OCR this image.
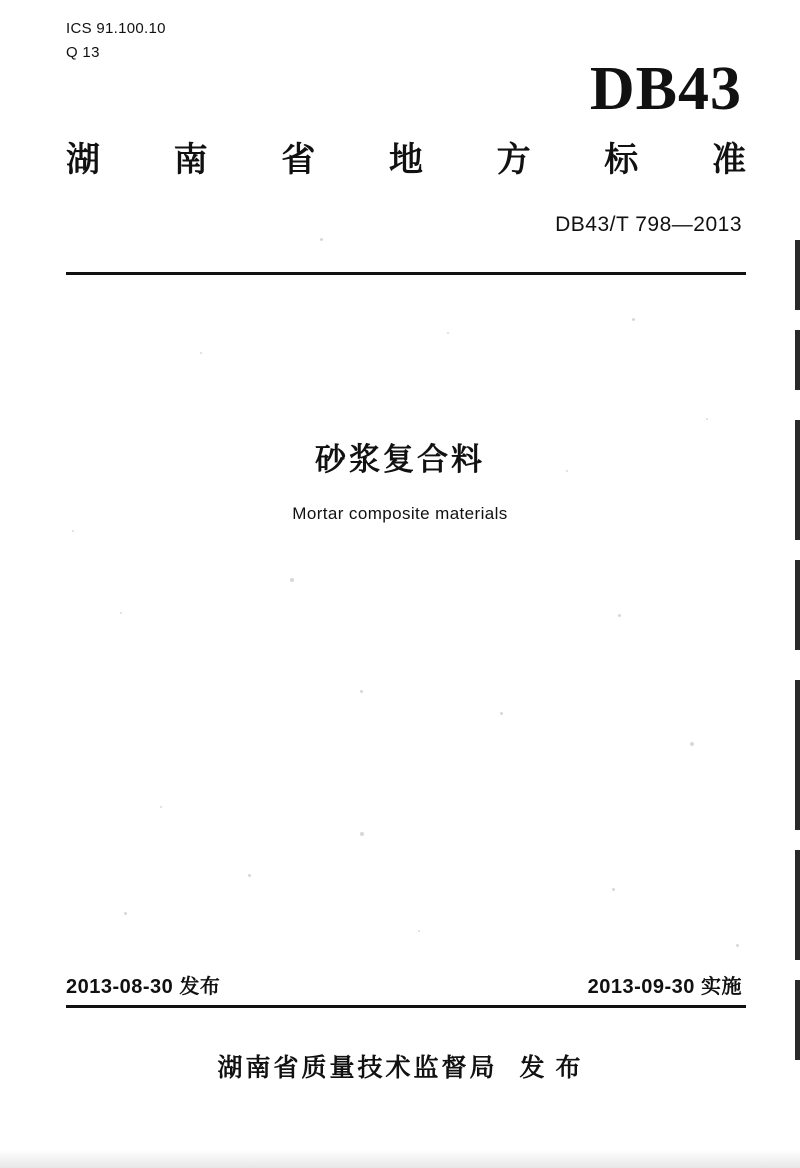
ICS 91.100.10
Q 13
DB43
湖 南 省 地 方 标 准
DB43/T 798—2013
砂浆复合料
Mortar composite materials
2013-08-30 发布	2013-09-30 实施
湖南省质量技术监督局 发 布
